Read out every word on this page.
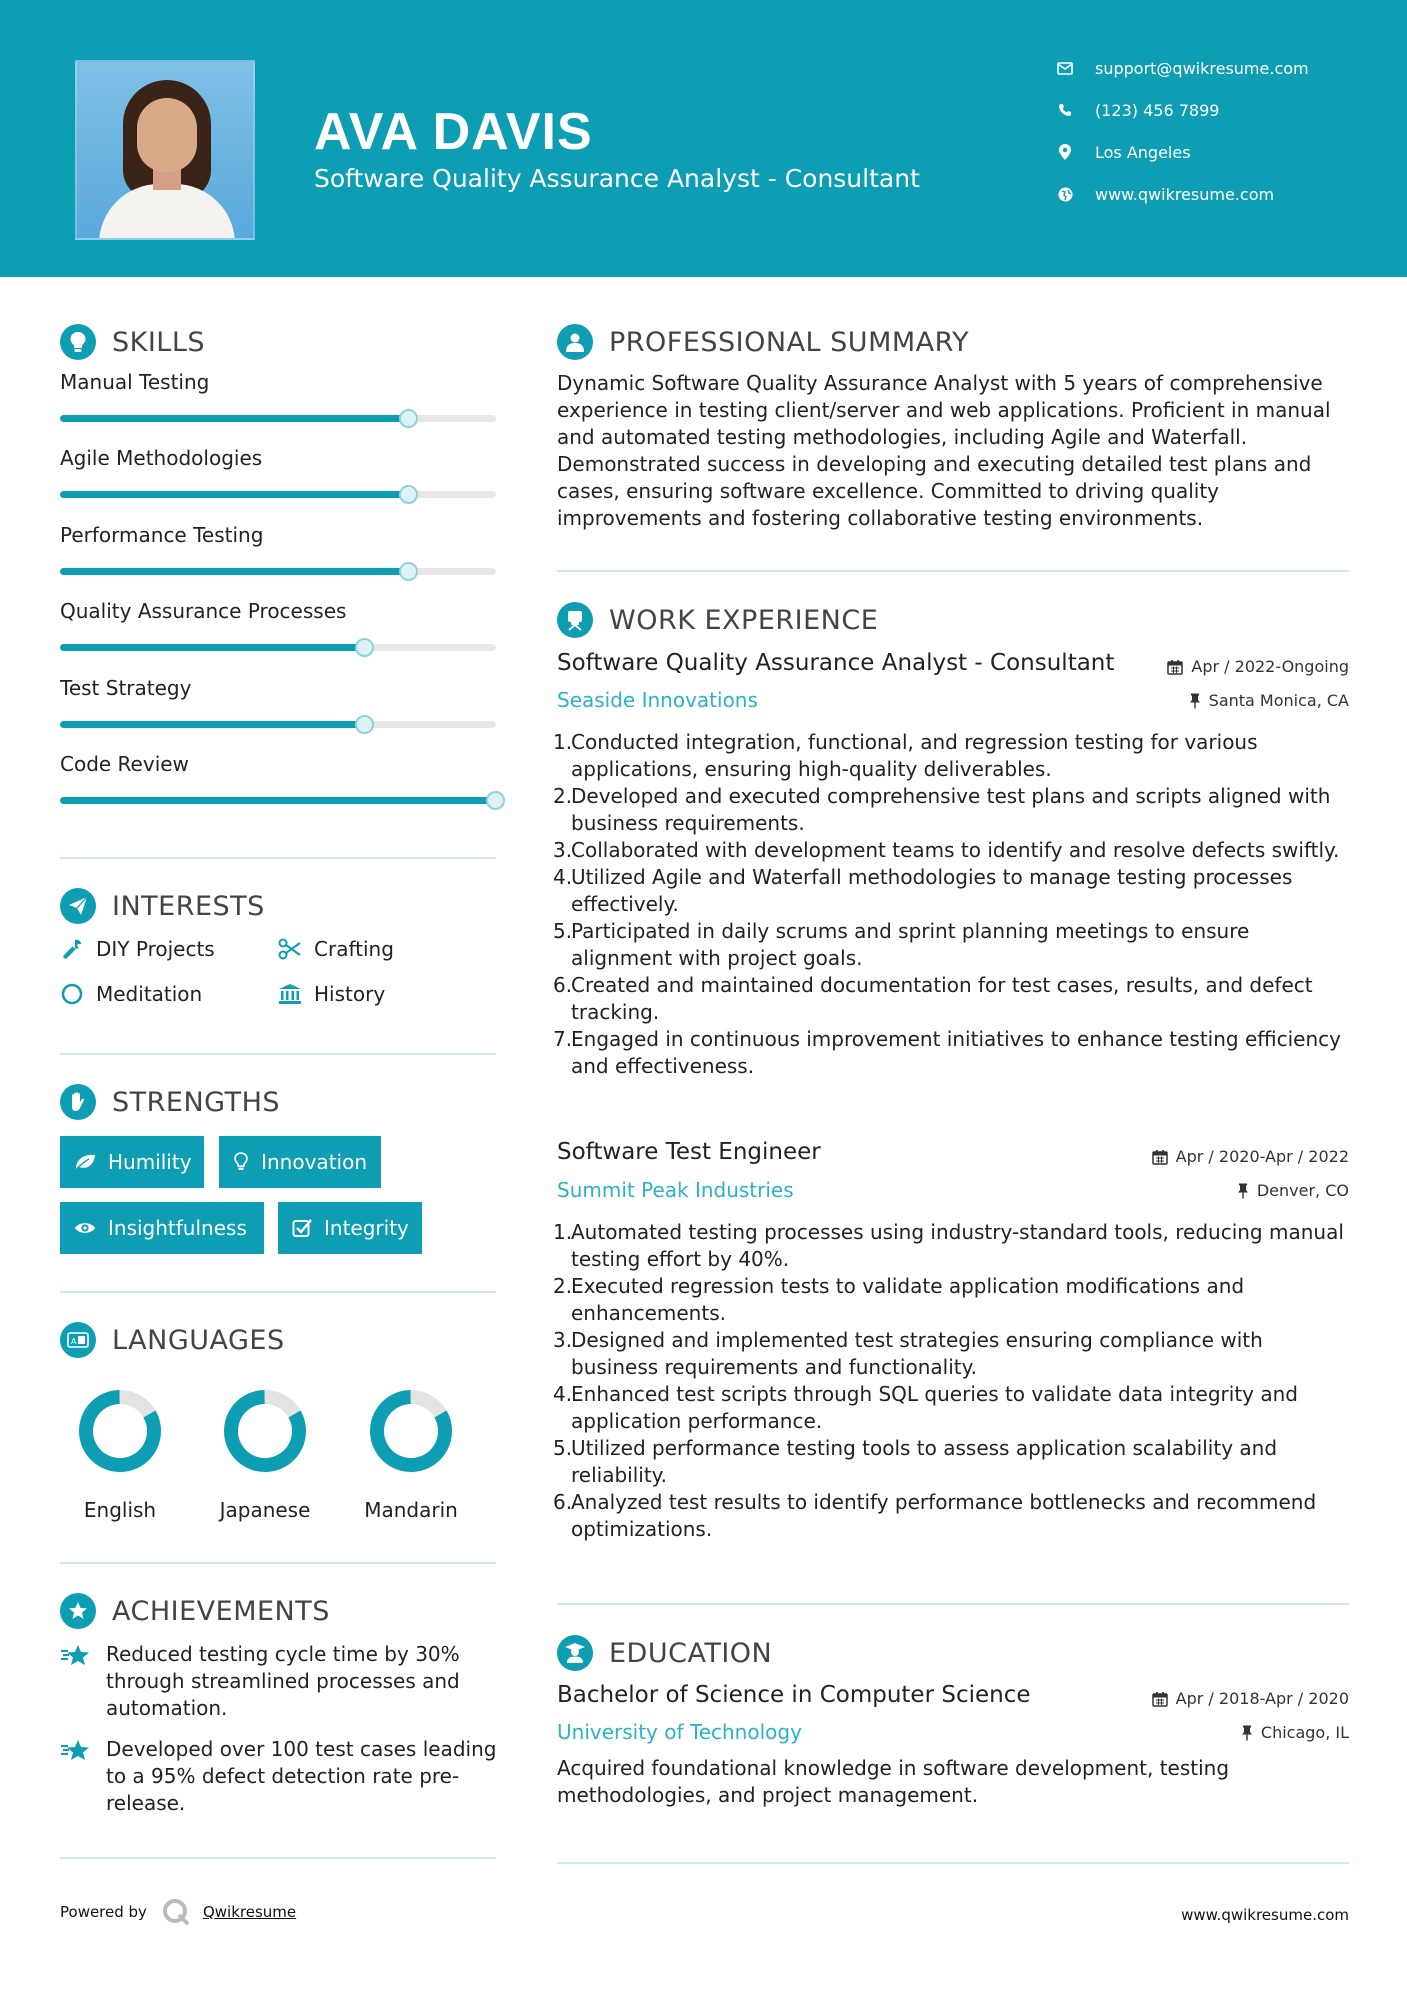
AVA DAVIS
Software Quality Assurance Analyst - Consultant
support@qwikresume.com
(123) 456 7899
Los Angeles
www.qwikresume.com
SKILLS
Manual Testing
Agile Methodologies
Performance Testing
Quality Assurance Processes
Test Strategy
Code Review
INTERESTS
DIY Projects	Crafting
Meditation	History
STRENGTHS
Humility	Innovation
Insightfulness	Integrity
A LANGUAGES
English	Japanese	Mandarin
ACHIEVEMENTS
Reduced testing cycle time by 30% through streamlined processes and automation.
Developed over 100 test cases leading to a 95% defect detection rate pre-release.
PROFESSIONAL SUMMARY
Dynamic Software Quality Assurance Analyst with 5 years of comprehensive experience in testing client/server and web applications. Proficient in manual and automated testing methodologies, including Agile and Waterfall. Demonstrated success in developing and executing detailed test plans and cases, ensuring software excellence. Committed to driving quality improvements and fostering collaborative testing environments.
WORK EXPERIENCE
Software Quality Assurance Analyst - Consultant	Apr / 2022-Ongoing
Seaside Innovations	Santa Monica, CA
1.
Conducted integration, functional, and regression testing for various applications, ensuring high-quality deliverables.
2.
Developed and executed comprehensive test plans and scripts aligned with business requirements.
3.
Collaborated with development teams to identify and resolve defects swiftly.
4.
Utilized Agile and Waterfall methodologies to manage testing processes effectively.
5.
Participated in daily scrums and sprint planning meetings to ensure alignment with project goals.
6.
Created and maintained documentation for test cases, results, and defect tracking.
7.
Engaged in continuous improvement initiatives to enhance testing efficiency and effectiveness.
Software Test Engineer	Apr / 2020-Apr / 2022
Summit Peak Industries	Denver, CO
1.
Automated testing processes using industry-standard tools, reducing manual testing effort by 40%.
2.
Executed regression tests to validate application modifications and enhancements.
3.
Designed and implemented test strategies ensuring compliance with business requirements and functionality.
4.
Enhanced test scripts through SQL queries to validate data integrity and application performance.
5.
Utilized performance testing tools to assess application scalability and reliability.
6.
Analyzed test results to identify performance bottlenecks and recommend optimizations.
EDUCATION
Bachelor of Science in Computer Science	Apr / 2018-Apr / 2020
University of Technology	Chicago, IL
Acquired foundational knowledge in software development, testing methodologies, and project management.
Powered by	Qwikresume	www.qwikresume.com
